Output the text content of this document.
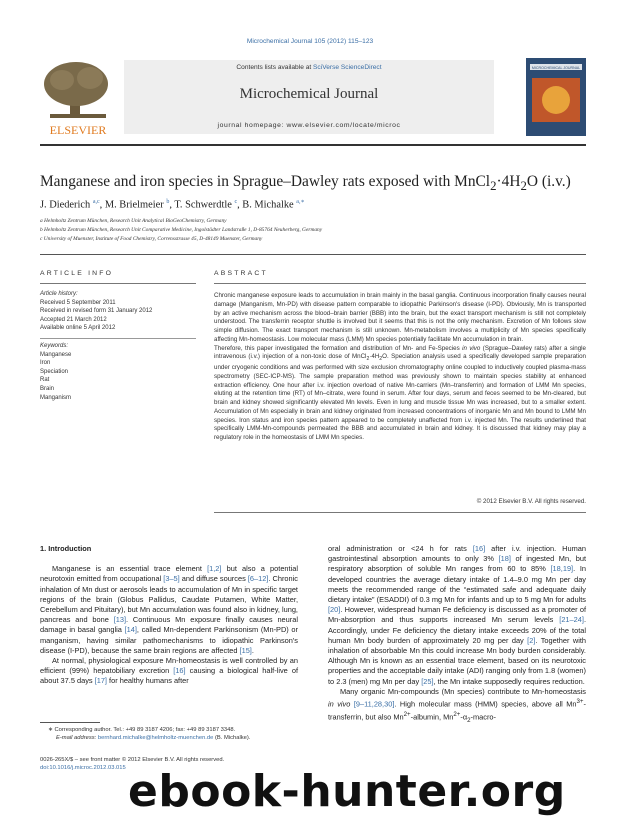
Microchemical Journal 105 (2012) 115–123
ELSEVIER
Contents lists available at SciVerse ScienceDirect
Microchemical Journal
journal homepage: www.elsevier.com/locate/microc
MICROCHEMICAL JOURNAL
Manganese and iron species in Sprague–Dawley rats exposed with $MnCl_2\cdot 4H_2O$ (i.v.)
J. Diederich $^{a,c}$, M. Brielmeier $^b$, T. Schwerdtle $^c$, B. Michalke $^{a,∗}$
a Helmholtz Zentrum München, Research Unit Analytical BioGeoChemistry, Germany
b Helmholtz Zentrum München, Research Unit Comparative Medicine, Ingolstädter Landstraße 1, D-85764 Neuherberg, Germany
c University of Muenster, Institute of Food Chemistry, Corrensstrasse 45, D-48149 Muenster, Germany
ARTICLE INFO	ABSTRACT
Article history:
Received 5 September 2011
Received in revised form 31 January 2012
Accepted 21 March 2012
Available online 5 April 2012
Keywords:
Manganese
Iron
Speciation
Rat
Brain
Manganism

Chronic manganese exposure leads to accumulation in brain mainly in the basal ganglia. Continuous incorporation finally causes neural damage (Manganism, Mn-PD) with disease pattern comparable to idiopathic Parkinson's disease (I-PD). Obviously, Mn is transported by an active mechanism across the blood–brain barrier (BBB) into the brain, but the exact transport mechanism is still not completely understood. The transferrin receptor shuttle is involved but it seems that this is not the only mechanism. Excretion of Mn follows slow simple diffusion. The exact transport mechanism is still unknown. Mn-metabolism involves a multiplicity of Mn species specifically affecting Mn-homeostasis. Low molecular mass (LMM) Mn species potentially facilitate Mn accumulation in brain.

Therefore, this paper investigated the formation and distribution of Mn- and Fe-Species in vivo (Sprague–Dawley rats) after a single intravenous (i.v.) injection of a non-toxic dose of $MnCl_2\cdot 4H_2O$. Speciation analysis used a specifically developed sample preparation under cryogenic conditions and was performed with size exclusion chromatography online coupled to inductively coupled plasma-mass spectrometry (SEC-ICP-MS). The sample preparation method was previously shown to maintain species stability at enhanced extraction efficiency. One hour after i.v. injection overload of native Mn-carriers (Mn–transferrin) and formation of LMM Mn species, eluting at the retention time (RT) of Mn–citrate, were found in serum. After four days, serum and feces seemed to be Mn-cleared, but brain and kidney showed significantly elevated Mn levels. Even in lung and muscle tissue Mn was increased, but to a smaller extent. Accumulation of Mn especially in brain and kidney originated from increased concentrations of inorganic Mn and Mn bound to LMM Mn species. Iron status and iron species pattern appeared to be completely unaffected from i.v. injected Mn. The results underlined that specifically LMM-Mn-compounds permeated the BBB and accumulated in brain and kidney. It is discussed that kidney may play a regulatory role in the homeostasis of LMM Mn species.

© 2012 Elsevier B.V. All rights reserved.
1. Introduction

Manganese is an essential trace element [1,2] but also a potential neurotoxin emitted from occupational [3–5] and diffuse sources [6–12]. Chronic inhalation of Mn dust or aerosols leads to accumulation of Mn in specific target regions of the brain (Globus Pallidus, Caudate Putamen, White Matter, Cerebellum and Pituitary), but Mn accumulation was found also in kidney, lung, pancreas and bone [13]. Continuous Mn exposure finally causes neural damage in basal ganglia [14], called Mn-dependent Parkinsonism (Mn-PD) or manganism, having similar pathomechanisms to idiopathic Parkinson's disease (I-PD), because the same brain regions are affected [15].

At normal, physiological exposure Mn-homeostasis is well controlled by an efficient (99%) hepatobiliary excretion [16] causing a biological half-live of about 37.5 days [17] for healthy humans after

oral administration or <24 h for rats [16] after i.v. injection. Human gastrointestinal absorption amounts to only 3% [18] of ingested Mn, but respiratory absorption of soluble Mn ranges from 60 to 85% [18,19]. In developed countries the average dietary intake of 1.4–9.0 mg Mn per day meets the recommended range of the “estimated safe and adequate daily dietary intake” (ESADDI) of 0.3 mg Mn for infants and up to 5 mg Mn for adults [20]. However, widespread human Fe deficiency is discussed as a promoter of Mn-absorption and thus supports increased Mn serum levels [21–24]. Accordingly, under Fe deficiency the dietary intake exceeds 20% of the total human Mn body burden of approximately 20 mg per day [2]. Together with inhalation of absorbable Mn this could increase Mn body burden considerably. Although Mn is known as an essential trace element, based on its neurotoxic properties and the acceptable daily intake (ADI) ranging only from 1.8 (women) to 2.3 (men) mg Mn per day [25], the Mn intake supposedly requires reduction.

Many organic Mn-compounds (Mn species) contribute to Mn-homeostasis in vivo [9–11,28,30]. High molecular mass (HMM) species, above all $Mn^{3+}$-transferrin, but also $Mn^{2+}$-albumin, $Mn^{2+}-\alpha_2-macro-$

∗ Corresponding author. Tel.: +49 89 3187 4206; fax: +49 89 3187 3348.
E-mail address: bernhard.michalke@helmholtz-muenchen.de (B. Michalke).
0026-265X/$ – see front matter © 2012 Elsevier B.V. All rights reserved.
doi:10.1016/j.microc.2012.03.015 ebook-hunter.org
